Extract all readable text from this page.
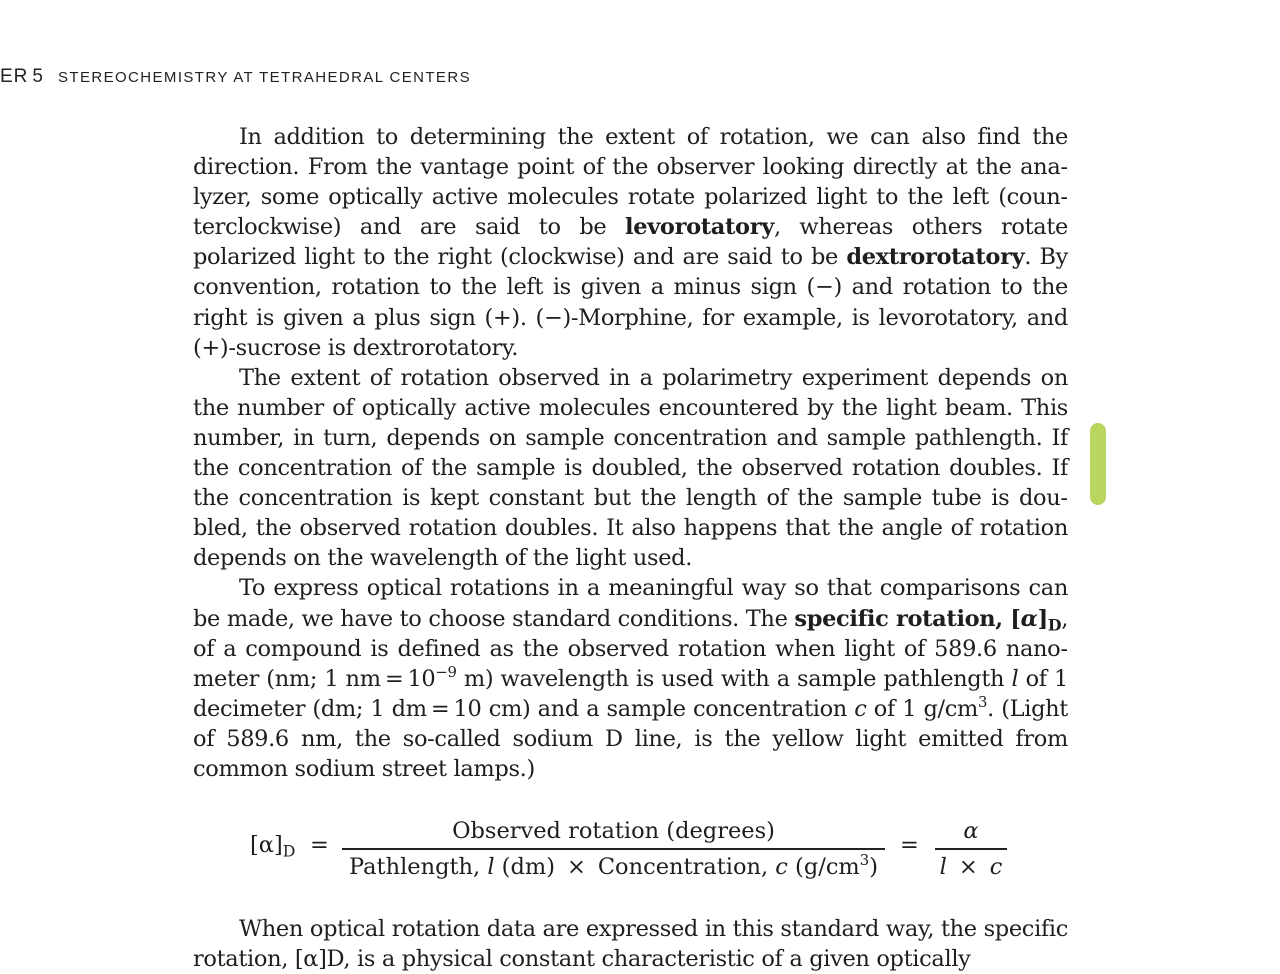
ER 5 STEREOCHEMISTRY AT TETRAHEDRAL CENTERS

In addition to determining the extent of rotation, we can also find the direction. From the vantage point of the observer looking directly at the analyzer, some optically active molecules rotate polarized light to the left (counterclockwise) and are said to be levorotatory, whereas others rotate polarized light to the right (clockwise) and are said to be dextrorotatory. By convention, rotation to the left is given a minus sign (−) and rotation to the right is given a plus sign (+). (−)-Morphine, for example, is levorotatory, and (+)-sucrose is dextrorotatory.

The extent of rotation observed in a polarimetry experiment depends on the number of optically active molecules encountered by the light beam. This number, in turn, depends on sample concentration and sample pathlength. If the concentration of the sample is doubled, the observed rotation doubles. If the concentration is kept constant but the length of the sample tube is doubled, the observed rotation doubles. It also happens that the angle of rotation depends on the wavelength of the light used.

To express optical rotations in a meaningful way so that comparisons can be made, we have to choose standard conditions. The specific rotation, $[\alpha]_D$, of a compound is defined as the observed rotation when light of 589.6 nanometer (nm; 1 nm = $10^{-9}$ m) wavelength is used with a sample pathlength l of 1 decimeter (dm; 1 dm = 10 cm) and a sample concentration c of 1 $g/cm^3$. (Light of 589.6 nm, the so-called sodium D line, is the yellow light emitted from common sodium street lamps.)

$[\alpha]_D$ =
Observed rotation (degrees)
Pathlength, l (dm) × Concentration, c $(g/cm^3)$
=
α
l × c

When optical rotation data are expressed in this standard way, the specific rotation, [α]D, is a physical constant characteristic of a given optically
